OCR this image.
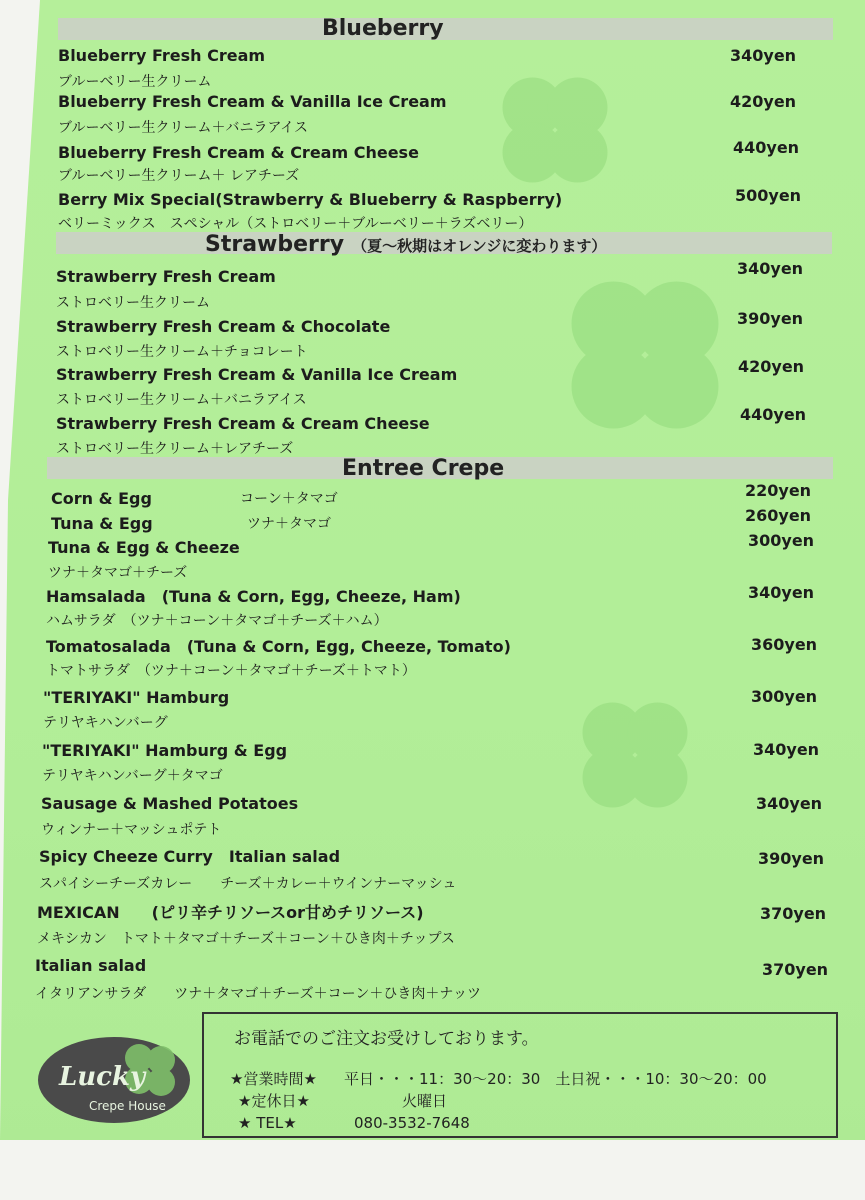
Blueberry
Strawberry （夏～秋期はオレンジに変わります）
Entree Crepe
Blueberry Fresh Cream
ブルーベリー生クリーム
340yen
Blueberry Fresh Cream & Vanilla Ice Cream
ブルーベリー生クリーム＋バニラアイス
420yen
Blueberry Fresh Cream & Cream Cheese
ブルーベリー生クリーム＋ レアチーズ
440yen
Berry Mix Special(Strawberry & Blueberry & Raspberry)
ベリーミックス　スペシャル（ストロベリー＋ブルーベリー＋ラズベリー）
500yen
Strawberry Fresh Cream
ストロベリー生クリーム
340yen
Strawberry Fresh Cream & Chocolate
ストロベリー生クリーム＋チョコレート
390yen
Strawberry Fresh Cream & Vanilla Ice Cream
ストロベリー生クリーム＋バニラアイス
420yen
Strawberry Fresh Cream & Cream Cheese
ストロベリー生クリーム＋レアチーズ
440yen
Corn & Egg	コーン＋タマゴ	220yen
Tuna & Egg	ツナ＋タマゴ	260yen
Tuna & Egg & Cheeze
ツナ＋タマゴ＋チーズ
300yen
Hamsalada　(Tuna & Corn, Egg, Cheeze, Ham)
ハムサラダ　（ツナ＋コーン＋タマゴ＋チーズ＋ハム）
340yen
Tomatosalada　(Tuna & Corn, Egg, Cheeze, Tomato)
トマトサラダ　（ツナ＋コーン＋タマゴ＋チーズ＋トマト）
360yen
"TERIYAKI" Hamburg
テリヤキハンバーグ
300yen
"TERIYAKI" Hamburg & Egg
テリヤキハンバーグ＋タマゴ
340yen
Sausage & Mashed Potatoes
ウィンナー＋マッシュポテト
340yen
Spicy Cheeze Curry　Italian salad
スパイシーチーズカレー　　チーズ＋カレー＋ウインナーマッシュ
390yen
MEXICAN　　(ピリ辛チリソースor甘めチリソース)
メキシカン　トマト＋タマゴ＋チーズ＋コーン＋ひき肉＋チップス
370yen
Italian salad
イタリアンサラダ　　ツナ＋タマゴ＋チーズ＋コーン＋ひき肉＋ナッツ
370yen
Lucky
Crepe House
お電話でのご注文お受けしております。
★営業時間★ 平日・・・11：30～20：30　土日祝・・・10：30～20：00
★定休日★	火曜日
★ TEL★	080-3532-7648
